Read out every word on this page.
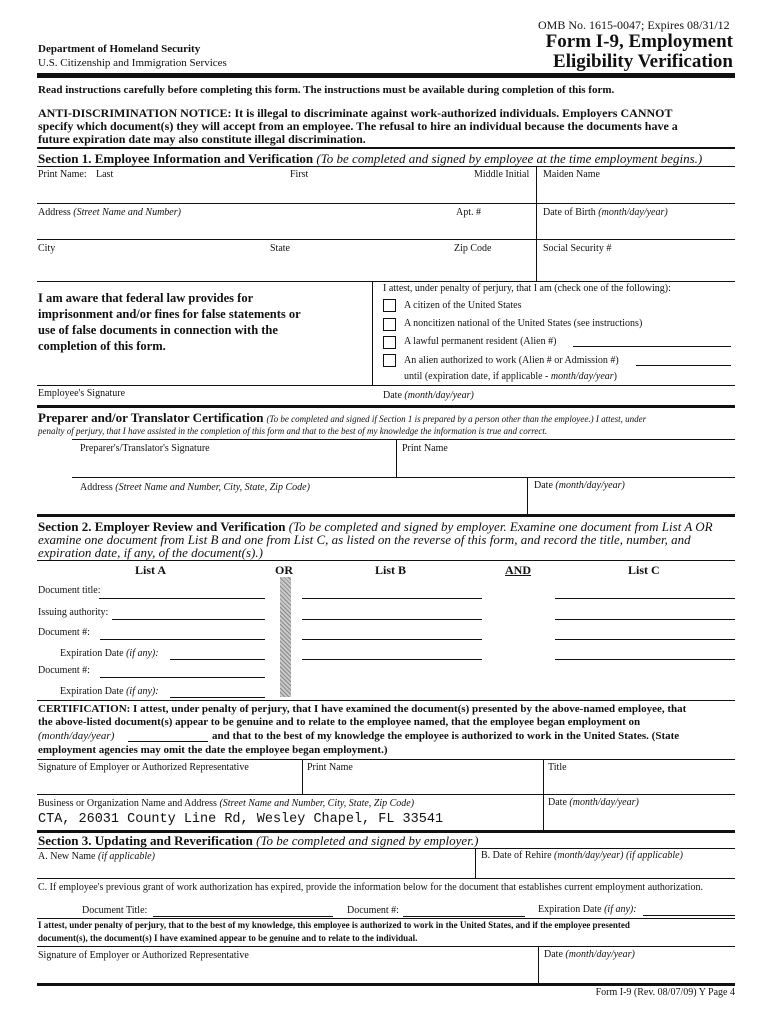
OMB No. 1615-0047; Expires 08/31/12
Department of Homeland Security
U.S. Citizenship and Immigration Services
Form I-9, Employment
Eligibility Verification
Read instructions carefully before completing this form. The instructions must be available during completion of this form.
ANTI-DISCRIMINATION NOTICE: It is illegal to discriminate against work-authorized individuals. Employers CANNOT
specify which document(s) they will accept from an employee. The refusal to hire an individual because the documents have a
future expiration date may also constitute illegal discrimination.
Section 1. Employee Information and Verification (To be completed and signed by employee at the time employment begins.)
Print Name: Last	First	Middle Initial Maiden Name
Address (Street Name and Number)	Apt. #	Date of Birth (month/day/year)
City	State	Zip Code	Social Security #
I am aware that federal law provides for
imprisonment and/or fines for false statements or
use of false documents in connection with the
completion of this form.
I attest, under penalty of perjury, that I am (check one of the following):
A citizen of the United States
A noncitizen national of the United States (see instructions)
A lawful permanent resident (Alien #)
An alien authorized to work (Alien # or Admission #)
until (expiration date, if applicable - month/day/year)
Employee's Signature	Date (month/day/year)
Preparer and/or Translator Certification (To be completed and signed if Section 1 is prepared by a person other than the employee.) I attest, under
penalty of perjury, that I have assisted in the completion of this form and that to the best of my knowledge the information is true and correct.
Preparer's/Translator's Signature	Print Name
Address (Street Name and Number, City, State, Zip Code)	Date (month/day/year)
Section 2. Employer Review and Verification (To be completed and signed by employer. Examine one document from List A OR
examine one document from List B and one from List C, as listed on the reverse of this form, and record the title, number, and
expiration date, if any, of the document(s).)
List A	OR	List B	AND	List C
Document title:
Issuing authority:
Document #:
Expiration Date (if any):
Document #:
Expiration Date (if any):
CERTIFICATION: I attest, under penalty of perjury, that I have examined the document(s) presented by the above-named employee, that
the above-listed document(s) appear to be genuine and to relate to the employee named, that the employee began employment on
(month/day/year)	and that to the best of my knowledge the employee is authorized to work in the United States. (State
employment agencies may omit the date the employee began employment.)
Signature of Employer or Authorized Representative	Print Name	Title
Business or Organization Name and Address (Street Name and Number, City, State, Zip Code)	Date (month/day/year)
CTA, 26031 County Line Rd, Wesley Chapel, FL 33541
Section 3. Updating and Reverification (To be completed and signed by employer.)
A. New Name (if applicable)	B. Date of Rehire (month/day/year) (if applicable)
C. If employee's previous grant of work authorization has expired, provide the information below for the document that establishes current employment authorization.
Document Title:	Document #:	Expiration Date (if any):
I attest, under penalty of perjury, that to the best of my knowledge, this employee is authorized to work in the United States, and if the employee presented
document(s), the document(s) I have examined appear to be genuine and to relate to the individual.
Signature of Employer or Authorized Representative	Date (month/day/year)
Form I-9 (Rev. 08/07/09) Y Page 4
